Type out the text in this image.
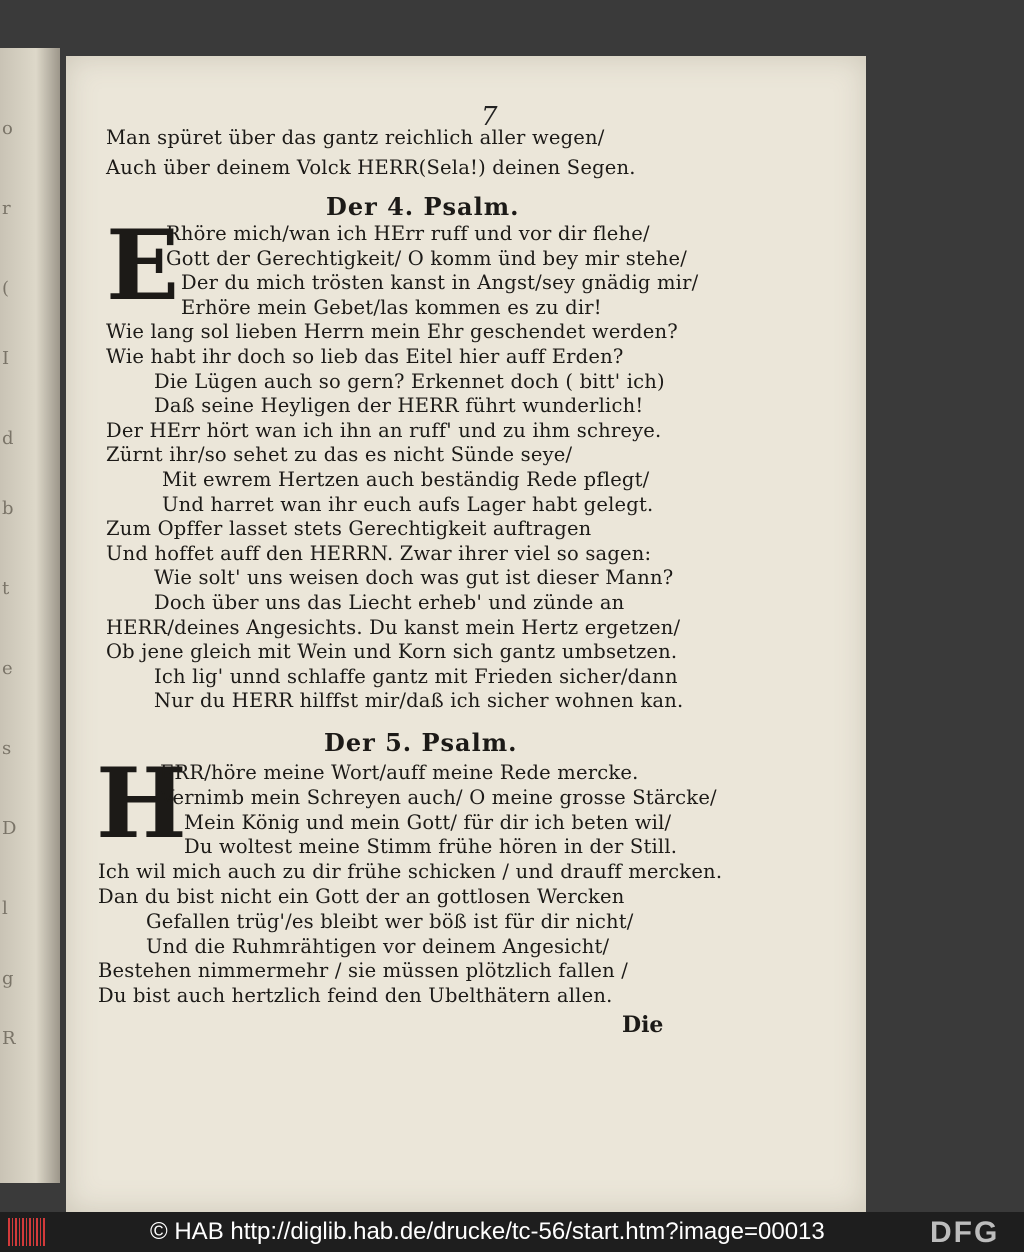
o
r
(
I
d
b
t
e
s
D
l
g
R
7
Man spüret über das gantz reichlich aller wegen/
Auch über deinem Volck HERR(Sela!) deinen Segen.
Der 4. Psalm.
E
Rhöre mich/wan ich HErr ruff und vor dir flehe/
Gott der Gerechtigkeit/ O komm ünd bey mir stehe/
Der du mich trösten kanst in Angst/sey gnädig mir/
Erhöre mein Gebet/las kommen es zu dir!
Wie lang sol lieben Herrn mein Ehr geschendet werden?
Wie habt ihr doch so lieb das Eitel hier auff Erden?
Die Lügen auch so gern? Erkennet doch ( bitt' ich)
Daß seine Heyligen der HERR führt wunderlich!
Der HErr hört wan ich ihn an ruff' und zu ihm schreye.
Zürnt ihr/so sehet zu das es nicht Sünde seye/
Mit ewrem Hertzen auch beständig Rede pflegt/
Und harret wan ihr euch aufs Lager habt gelegt.
Zum Opffer lasset stets Gerechtigkeit auftragen
Und hoffet auff den HERRN. Zwar ihrer viel so sagen:
Wie solt' uns weisen doch was gut ist dieser Mann?
Doch über uns das Liecht erheb' und zünde an
HERR/deines Angesichts. Du kanst mein Hertz ergetzen/
Ob jene gleich mit Wein und Korn sich gantz umbsetzen.
Ich lig' unnd schlaffe gantz mit Frieden sicher/dann
Nur du HERR hilffst mir/daß ich sicher wohnen kan.
Der 5. Psalm.
H
ERR/höre meine Wort/auff meine Rede mercke.
Vernimb mein Schreyen auch/ O meine grosse Stärcke/
Mein König und mein Gott/ für dir ich beten wil/
Du woltest meine Stimm frühe hören in der Still.
Ich wil mich auch zu dir frühe schicken / und drauff mercken.
Dan du bist nicht ein Gott der an gottlosen Wercken
Gefallen trüg'/es bleibt wer böß ist für dir nicht/
Und die Ruhmrähtigen vor deinem Angesicht/
Bestehen nimmermehr / sie müssen plötzlich fallen /
Du bist auch hertzlich feind den Ubelthätern allen.
Die
© HAB http://diglib.hab.de/drucke/tc-56/start.htm?image=00013	DFG
